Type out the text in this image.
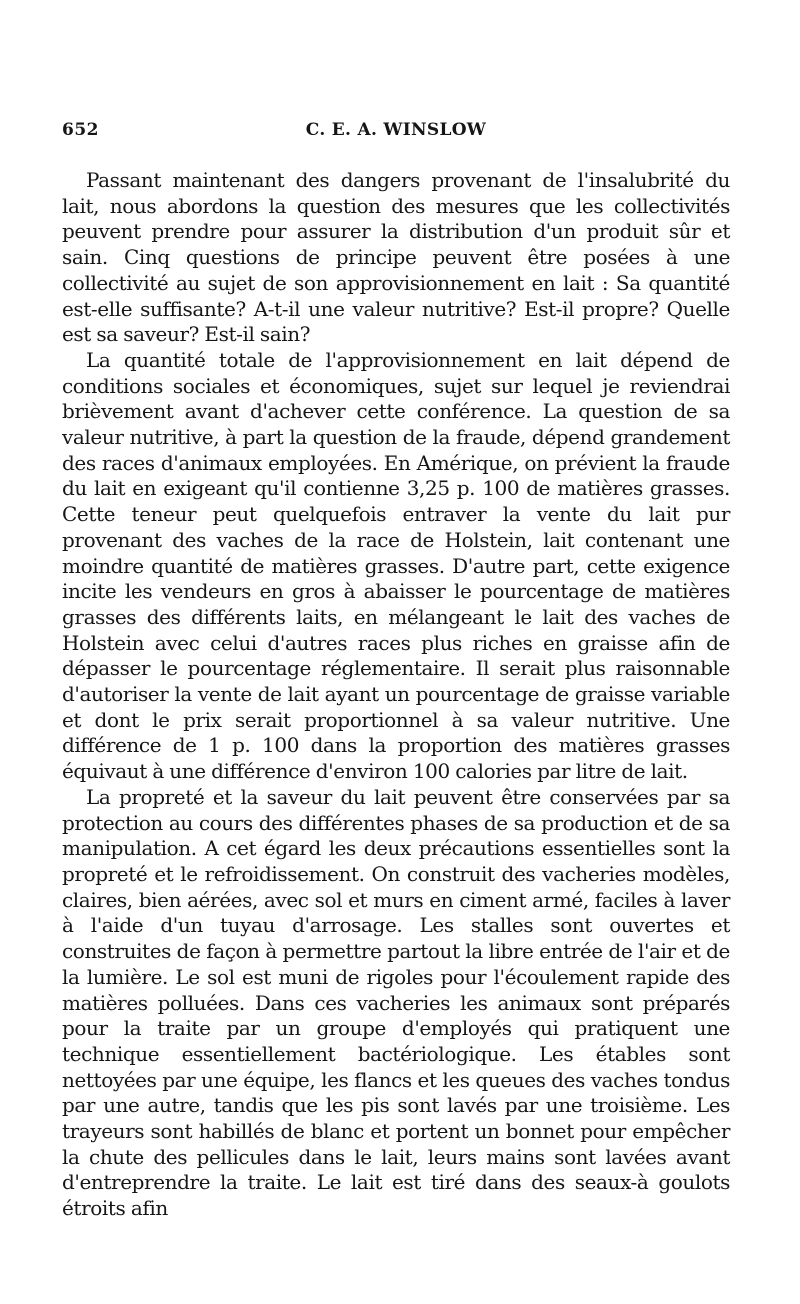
652	C. E. A. WINSLOW

Passant maintenant des dangers provenant de l'insalubrité du lait, nous abordons la question des mesures que les collectivités peuvent prendre pour assurer la distribution d'un produit sûr et sain. Cinq questions de principe peuvent être posées à une collectivité au sujet de son approvisionnement en lait : Sa quantité est-elle suffisante? A-t-il une valeur nutritive? Est-il propre? Quelle est sa saveur? Est-il sain?

La quantité totale de l'approvisionnement en lait dépend de conditions sociales et économiques, sujet sur lequel je reviendrai brièvement avant d'achever cette conférence. La question de sa valeur nutritive, à part la question de la fraude, dépend grandement des races d'animaux employées. En Amérique, on prévient la fraude du lait en exigeant qu'il contienne 3,25 p. 100 de matières grasses. Cette teneur peut quelquefois entraver la vente du lait pur provenant des vaches de la race de Holstein, lait contenant une moindre quantité de matières grasses. D'autre part, cette exigence incite les vendeurs en gros à abaisser le pourcentage de matières grasses des différents laits, en mélangeant le lait des vaches de Holstein avec celui d'autres races plus riches en graisse afin de dépasser le pourcentage réglementaire. Il serait plus raisonnable d'autoriser la vente de lait ayant un pourcentage de graisse variable et dont le prix serait proportionnel à sa valeur nutritive. Une différence de 1 p. 100 dans la proportion des matières grasses équivaut à une différence d'environ 100 calories par litre de lait.

La propreté et la saveur du lait peuvent être conservées par sa protection au cours des différentes phases de sa production et de sa manipulation. A cet égard les deux précautions essentielles sont la propreté et le refroidissement. On construit des vacheries modèles, claires, bien aérées, avec sol et murs en ciment armé, faciles à laver à l'aide d'un tuyau d'arrosage. Les stalles sont ouvertes et construites de façon à permettre partout la libre entrée de l'air et de la lumière. Le sol est muni de rigoles pour l'écoulement rapide des matières polluées. Dans ces vacheries les animaux sont préparés pour la traite par un groupe d'employés qui pratiquent une technique essentiellement bactériologique. Les étables sont nettoyées par une équipe, les flancs et les queues des vaches tondus par une autre, tandis que les pis sont lavés par une troisième. Les trayeurs sont habillés de blanc et portent un bonnet pour empêcher la chute des pellicules dans le lait, leurs mains sont lavées avant d'entreprendre la traite. Le lait est tiré dans des seaux-à goulots étroits afin
